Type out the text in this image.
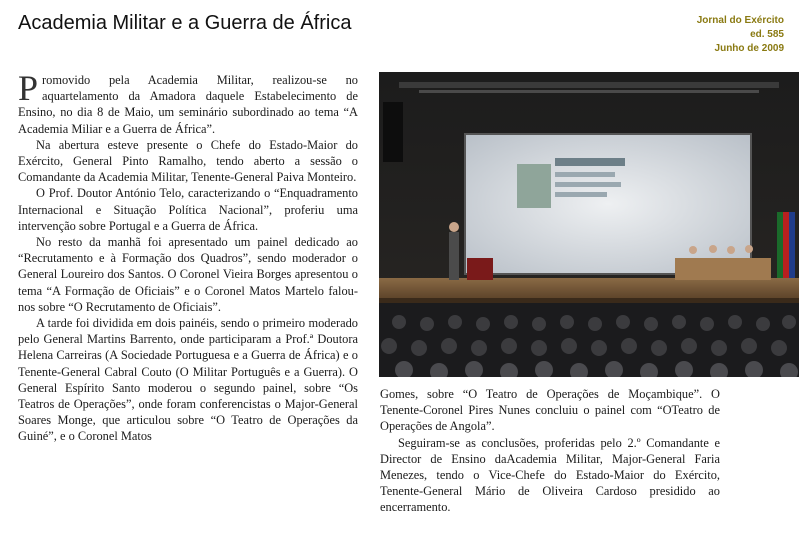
Academia Militar e a Guerra de África	Jornal do Exército
ed. 585
Junho de 2009

Promovido pela Academia Militar, realizou-se no aquartelamento da Amadora daquele Estabelecimento de Ensino, no dia 8 de Maio, um seminário subordinado ao tema “A Academia Miliar e a Guerra de África”.

Na abertura esteve presente o Chefe do Estado-Maior do Exército, General Pinto Ramalho, tendo aberto a sessão o Comandante da Academia Militar, Tenente-General Paiva Monteiro.

O Prof. Doutor António Telo, caracterizando o “Enquadramento Internacional e Situação Política Nacional”, proferiu uma intervenção sobre Portugal e a Guerra de África.

No resto da manhã foi apresentado um painel dedicado ao “Recrutamento e à Formação dos Quadros”, sendo moderador o General Loureiro dos Santos. O Coronel Vieira Borges apresentou o tema “A Formação de Oficiais” e o Coronel Matos Martelo falou-nos sobre “O Recrutamento de Oficiais”.

A tarde foi dividida em dois painéis, sendo o primeiro moderado pelo General Martins Barrento, onde participaram a Prof.ª Doutora Helena Carreiras (A Sociedade Portuguesa e a Guerra de África) e o Tenente-General Cabral Couto (O Militar Português e a Guerra). O General Espírito Santo moderou o segundo painel, sobre “Os Teatros de Operações”, onde foram conferencistas o Major-General Soares Monge, que articulou sobre “O Teatro de Operações da Guiné”, e o Coronel Matos

Gomes, sobre “O Teatro de Operações de Moçambique”. O Tenente-Coronel Pires Nunes concluiu o painel com “OTeatro de Operações de Angola”.

Seguiram-se as conclusões, proferidas pelo 2.º Comandante e Director de Ensino daAcademia Militar, Major-General Faria Menezes, tendo o Vice-Chefe do Estado-Maior do Exército, Tenente-General Mário de Oliveira Cardoso presidido ao encerramento.
